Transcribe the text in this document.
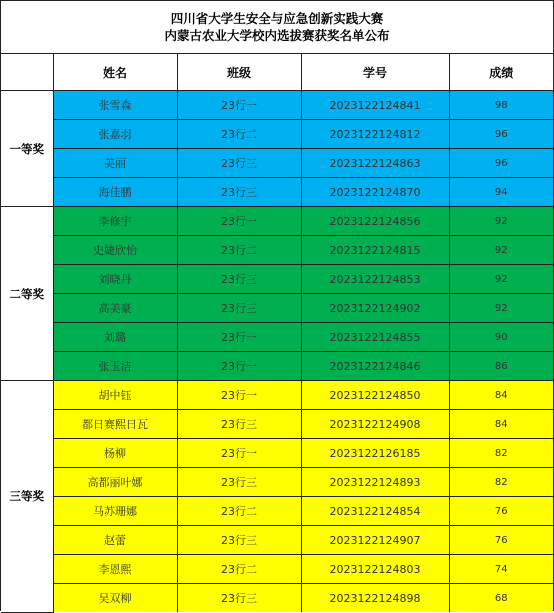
四川省大学生安全与应急创新实践大赛
内蒙古农业大学校内选拔赛获奖名单公布
	姓名	班级	学号	成绩
一等奖	张雪森	23行一	2023122124841	98
	张嘉羽	23行二	2023122124812	96
	美丽	23行三	2023122124863	96
	海佳鹏	23行三	2023122124870	94
二等奖	李修宇	23行一	2023122124856	92
	史婕欣怡	23行二	2023122124815	92
	刘晓丹	23行三	2023122124853	92
	高美豪	23行三	2023122124902	92
	刘璐	23行一	2023122124855	90
	张玉洁	23行一	2023122124846	86
三等奖	胡中钰	23行一	2023122124850	84
	都日赛熙日瓦	23行三	2023122124908	84
	杨柳	23行一	2023122126185	82
	高都丽叶娜	23行三	2023122124893	82
	马苏珊娜	23行二	2023122124854	76
	赵蕾	23行三	2023122124907	76
	李恩熙	23行二	2023122124803	74
	吴双柳	23行三	2023122124898	68
